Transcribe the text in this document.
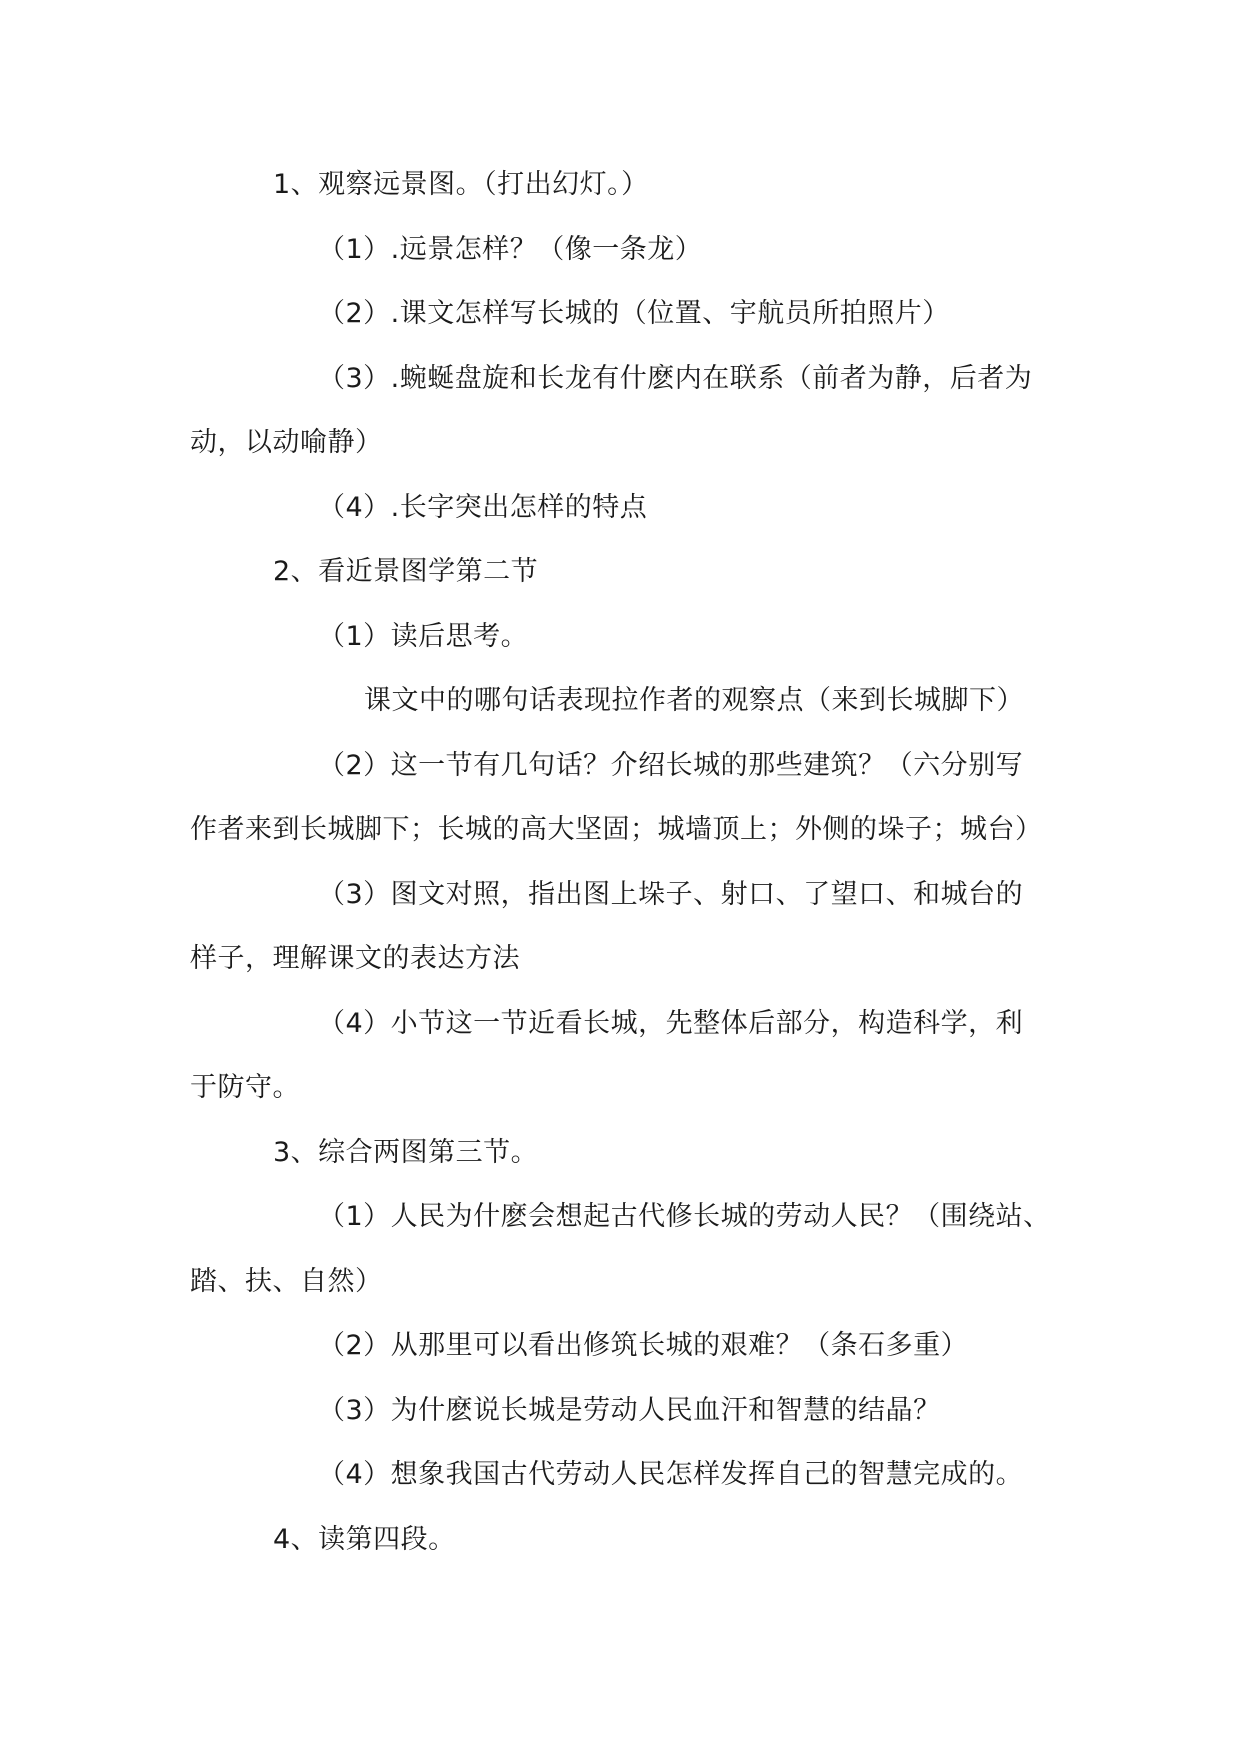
1、观察远景图。（打出幻灯。）
（1）.远景怎样？（像一条龙）
（2）.课文怎样写长城的（位置、宇航员所拍照片）
（3）.蜿蜒盘旋和长龙有什麽内在联系（前者为静，后者为
动，以动喻静）
（4）.长字突出怎样的特点
2、看近景图学第二节
（1）读后思考。
课文中的哪句话表现拉作者的观察点（来到长城脚下）
（2）这一节有几句话？介绍长城的那些建筑？（六分别写
作者来到长城脚下；长城的高大坚固；城墙顶上；外侧的垛子；城台）
（3）图文对照，指出图上垛子、射口、了望口、和城台的
样子，理解课文的表达方法
（4）小节这一节近看长城，先整体后部分，构造科学，利
于防守。
3、综合两图第三节。
（1）人民为什麽会想起古代修长城的劳动人民？（围绕站、
踏、扶、自然）
（2）从那里可以看出修筑长城的艰难？（条石多重）
（3）为什麽说长城是劳动人民血汗和智慧的结晶？
（4）想象我国古代劳动人民怎样发挥自己的智慧完成的。
4、读第四段。
